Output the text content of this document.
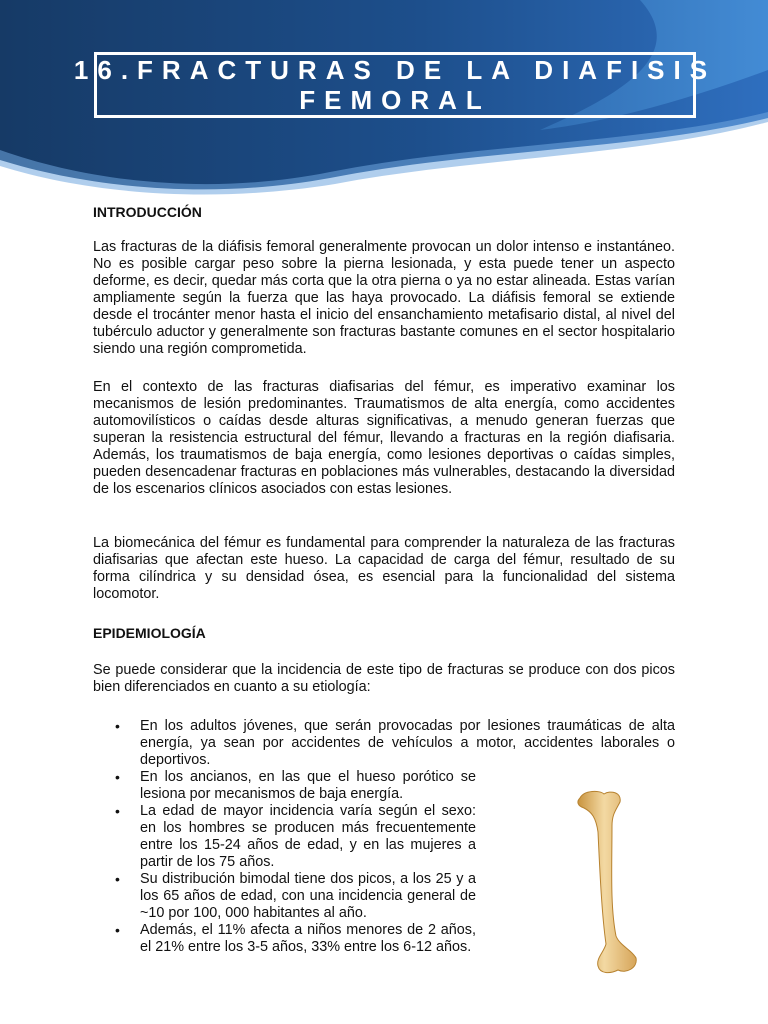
16.FRACTURAS DE LA DIAFISIS
FEMORAL
INTRODUCCIÓN

Las fracturas de la diáfisis femoral generalmente provocan un dolor intenso e instantáneo. No es posible cargar peso sobre la pierna lesionada, y esta puede tener un aspecto deforme, es decir, quedar más corta que la otra pierna o ya no estar alineada. Estas varían ampliamente según la fuerza que las haya provocado. La diáfisis femoral se extiende desde el trocánter menor hasta el inicio del ensanchamiento metafisario distal, al nivel del tubérculo aductor y generalmente son fracturas bastante comunes en el sector hospitalario siendo una región comprometida.

En el contexto de las fracturas diafisarias del fémur, es imperativo examinar los mecanismos de lesión predominantes. Traumatismos de alta energía, como accidentes automovilísticos o caídas desde alturas significativas, a menudo generan fuerzas que superan la resistencia estructural del fémur, llevando a fracturas en la región diafisaria. Además, los traumatismos de baja energía, como lesiones deportivas o caídas simples, pueden desencadenar fracturas en poblaciones más vulnerables, destacando la diversidad de los escenarios clínicos asociados con estas lesiones.

La biomecánica del fémur es fundamental para comprender la naturaleza de las fracturas diafisarias que afectan este hueso. La capacidad de carga del fémur, resultado de su forma cilíndrica y su densidad ósea, es esencial para la funcionalidad del sistema locomotor.

EPIDEMIOLOGÍA

Se puede considerar que la incidencia de este tipo de fracturas se produce con dos picos bien diferenciados en cuanto a su etiología:

• En los adultos jóvenes, que serán provocadas por lesiones traumáticas de alta energía, ya sean por accidentes de vehículos a motor, accidentes laborales o deportivos.
• En los ancianos, en las que el hueso porótico se lesiona por mecanismos de baja energía.
• La edad de mayor incidencia varía según el sexo: en los hombres se producen más frecuentemente entre los 15-24 años de edad, y en las mujeres a partir de los 75 años.
• Su distribución bimodal tiene dos picos, a los 25 y a los 65 años de edad, con una incidencia general de ~10 por 100, 000 habitantes al año.
• Además, el 11% afecta a niños menores de 2 años, el 21% entre los 3-5 años, 33% entre los 6-12 años.
